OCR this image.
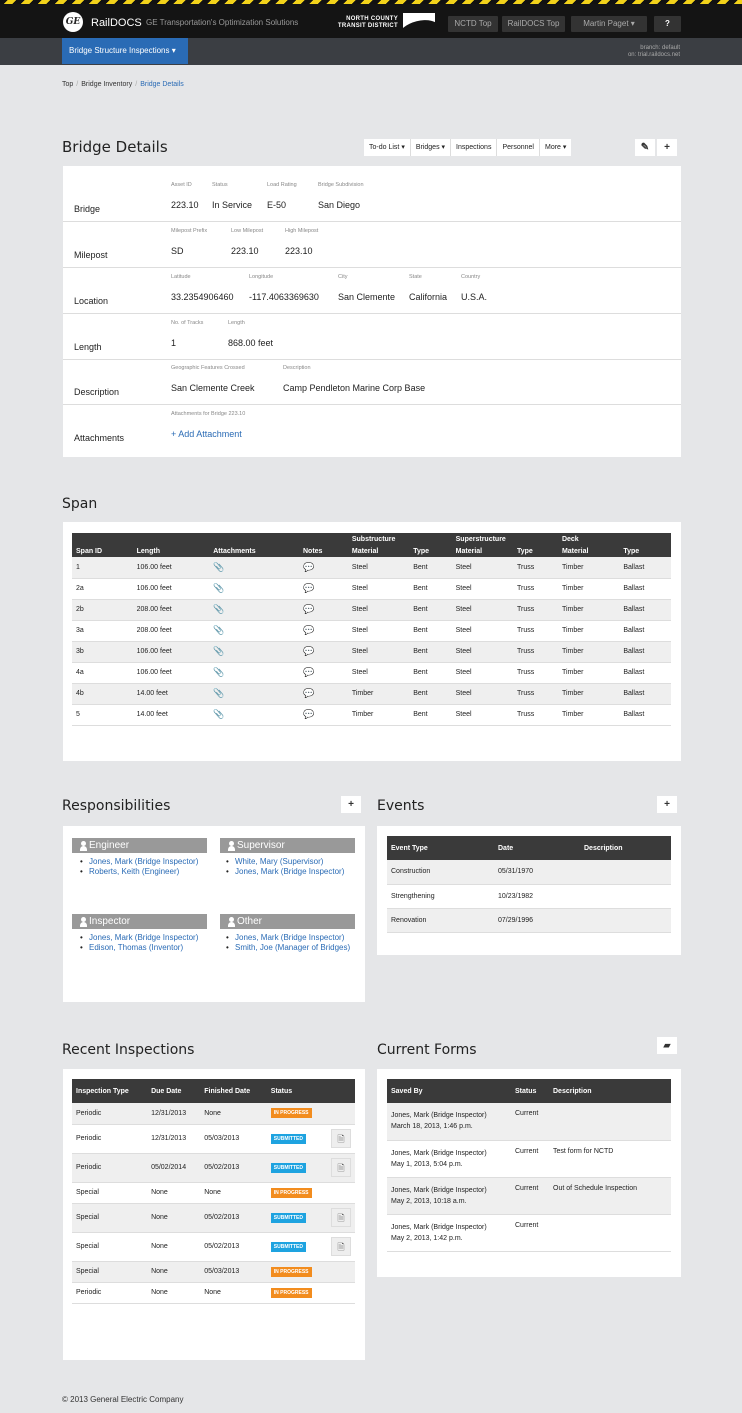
GE RailDOCS GE Transportation's Optimization Solutions	NORTH COUNTY
TRANSIT DISTRICT	NCTD Top	RailDOCS Top	Martin Paget ▾	?
Bridge Structure Inspections ▾	branch: default
on: trial.raildocs.net
Top / Bridge Inventory / Bridge Details
Bridge Details	To-do List ▾	Bridges ▾	Inspections	Personnel	More ▾	✎	+
Bridge
Asset ID
223.10
Status
In Service
Load Rating
E-50
Bridge Subdivision
San Diego
Milepost
Milepost Prefix
SD
Low Milepost
223.10
High Milepost
223.10
Location
Latitude
33.2354906460
Longitude
-117.4063369630
City
San Clemente
State
California
Country
U.S.A.
Length
No. of Tracks
1
Length
868.00 feet
Description
Geographic Features Crossed
San Clemente Creek
Description
Camp Pendleton Marine Corp Base
Attachments
Attachments for Bridge 223.10
+ Add Attachment
Span
				Substructure		Superstructure		Deck	
Span ID	Length	Attachments	Notes	Material	Type	Material	Type	Material	Type
1	106.00 feet	📎	💬	Steel	Bent	Steel	Truss	Timber	Ballast
2a	106.00 feet	📎	💬	Steel	Bent	Steel	Truss	Timber	Ballast
2b	208.00 feet	📎	💬	Steel	Bent	Steel	Truss	Timber	Ballast
3a	208.00 feet	📎	💬	Steel	Bent	Steel	Truss	Timber	Ballast
3b	106.00 feet	📎	💬	Steel	Bent	Steel	Truss	Timber	Ballast
4a	106.00 feet	📎	💬	Steel	Bent	Steel	Truss	Timber	Ballast
4b	14.00 feet	📎	💬	Timber	Bent	Steel	Truss	Timber	Ballast
5	14.00 feet	📎	💬	Timber	Bent	Steel	Truss	Timber	Ballast
Responsibilities	+
Engineer
• Jones, Mark (Bridge Inspector)
• Roberts, Keith (Engineer)
Supervisor
• White, Mary (Supervisor)
• Jones, Mark (Bridge Inspector)
Inspector
• Jones, Mark (Bridge Inspector)
• Edison, Thomas (Inventor)
Other
• Jones, Mark (Bridge Inspector)
• Smith, Joe (Manager of Bridges)
Events	+
Event Type	Date	Description
Construction	05/31/1970	
Strengthening	10/23/1982	
Renovation	07/29/1996	
Recent Inspections
Inspection Type	Due Date	Finished Date	Status	
Periodic	12/31/2013	None	IN PROGRESS	
Periodic	12/31/2013	05/03/2013	SUBMITTED	🗎
Periodic	05/02/2014	05/02/2013	SUBMITTED	🗎
Special	None	None	IN PROGRESS	
Special	None	05/02/2013	SUBMITTED	🗎
Special	None	05/02/2013	SUBMITTED	🗎
Special	None	05/03/2013	IN PROGRESS	
Periodic	None	None	IN PROGRESS	
Current Forms	▰
Saved By	Status	Description

Jones, Mark (Bridge Inspector)
March 18, 2013, 1:46 p.m.	Current	

Jones, Mark (Bridge Inspector)
May 1, 2013, 5:04 p.m.	Current	Test form for NCTD

Jones, Mark (Bridge Inspector)
May 2, 2013, 10:18 a.m.	Current	Out of Schedule Inspection

Jones, Mark (Bridge Inspector)
May 2, 2013, 1:42 p.m.	Current	
© 2013 General Electric Company
